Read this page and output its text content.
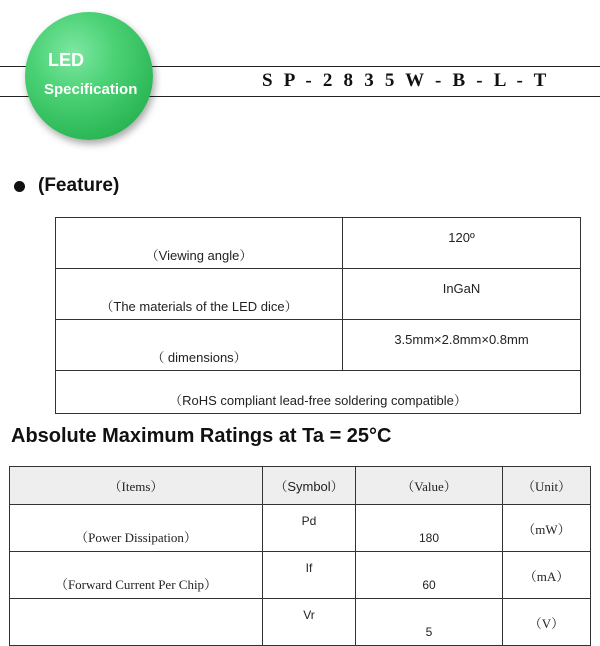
LED
Specification	S P - 2 8 3 5 W - B - L - T
(Feature)
（Viewing angle）	120º
（The materials of the LED dice）	InGaN
（ dimensions）	3.5mm×2.8mm×0.8mm
（RoHS compliant lead-free soldering compatible）	
Absolute Maximum Ratings at Ta = 25°C
（Items）	（Symbol）	（Value）	（Unit）
（Power Dissipation）	Pd	180	（mW）
（Forward Current Per Chip）	If	60	（mA）
	Vr	5	（V）
